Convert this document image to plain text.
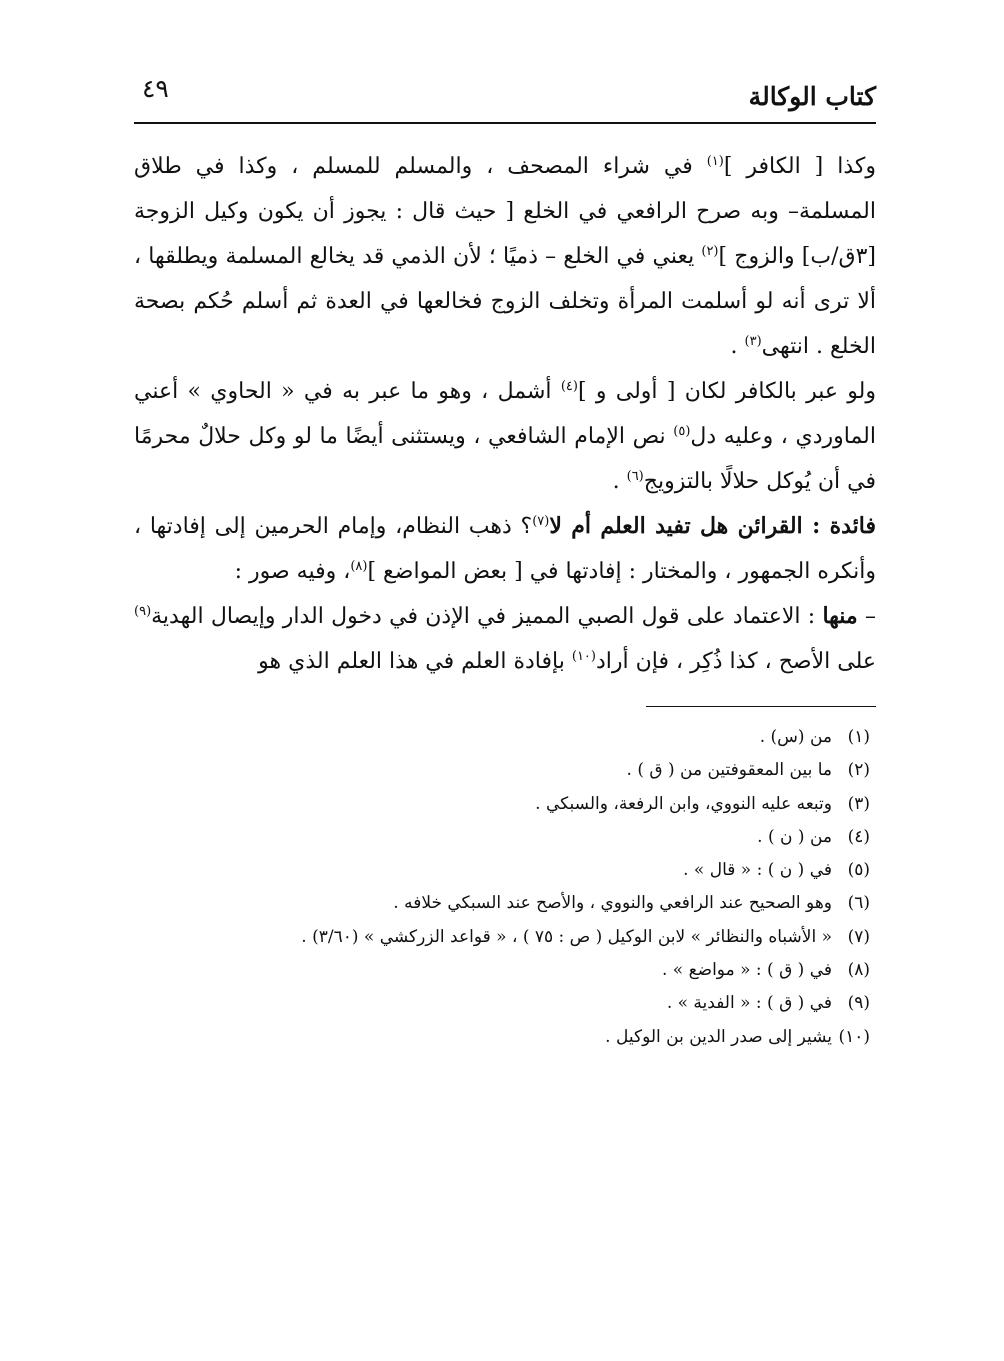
كتاب الوكالة
٤٩

وكذا [ الكافر ]$^{(١)}$ في شراء المصحف ، والمسلم للمسلم ، وكذا في طلاق المسلمة– وبه صرح الرافعي في الخلع [ حيث قال : يجوز أن يكون وكيل الزوجة [٣ق/ب] والزوج ]$^{(٢)}$ يعني في الخلع – ذميًا ؛ لأن الذمي قد يخالع المسلمة ويطلقها ، ألا ترى أنه لو أسلمت المرأة وتخلف الزوج فخالعها في العدة ثم أسلم حُكم بصحة الخلع . انتهى$^{(٣)}$ .

ولو عبر بالكافر لكان [ أولى و ]$^{(٤)}$ أشمل ، وهو ما عبر به في « الحاوي » أعني الماوردي ، وعليه دل$^{(٥)}$ نص الإمام الشافعي ، ويستثنى أيضًا ما لو وكل حلالٌ محرمًا في أن يُوكل حلالًا بالتزويج$^{(٦)}$ .

فائدة : القرائن هل تفيد العلم أم لا$^{(٧)}$؟ ذهب النظام، وإمام الحرمين إلى إفادتها ، وأنكره الجمهور ، والمختار : إفادتها في [ بعض المواضع ]$^{(٨)}$، وفيه صور :

– منها : الاعتماد على قول الصبي المميز في الإذن في دخول الدار وإيصال الهدية$^{(٩)}$ على الأصح ، كذا ذُكِر ، فإن أراد$^{(١٠)}$ بإفادة العلم في هذا العلم الذي هو

(١)من (س) .
(٢)ما بين المعقوفتين من ( ق ) .
(٣)وتبعه عليه النووي، وابن الرفعة، والسبكي .
(٤)من ( ن ) .
(٥)في ( ن ) : « قال » .
(٦)وهو الصحيح عند الرافعي والنووي ، والأصح عند السبكي خلافه .
(٧)« الأشباه والنظائر » لابن الوكيل ( ص : ٧٥ ) ، « قواعد الزركشي » (٣/٦٠) .
(٨)في ( ق ) : « مواضع » .
(٩)في ( ق ) : « الفدية » .
(١٠)يشير إلى صدر الدين بن الوكيل .
